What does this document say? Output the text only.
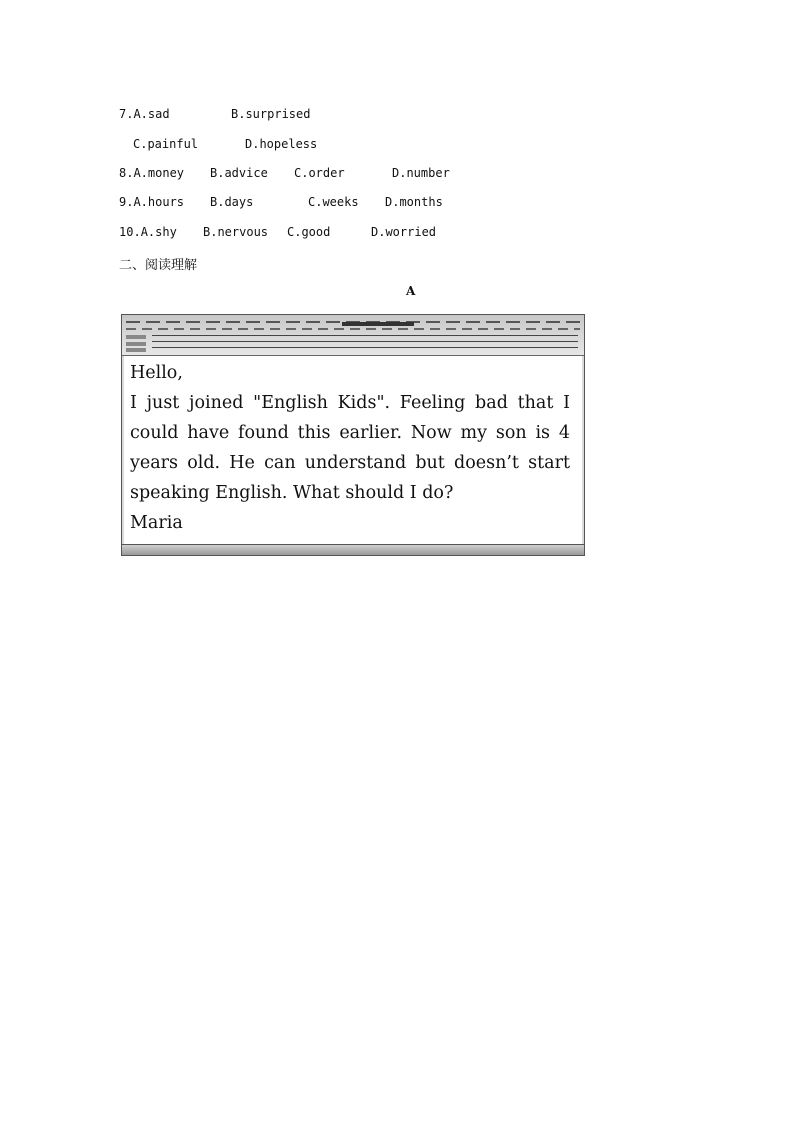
7.A.sad	B.surprised
C.painful	D.hopeless
8.A.money B.advice C.order	D.number
9.A.hours B.days	C.weeks D.months
10.A.shy B.nervous C.good	D.worried
二、阅读理解
A
Hello,
I just joined "English Kids". Feeling bad that I could have found this earlier. Now my son is 4 years old. He can understand but doesn’t start speaking English. What should I do?
Maria
